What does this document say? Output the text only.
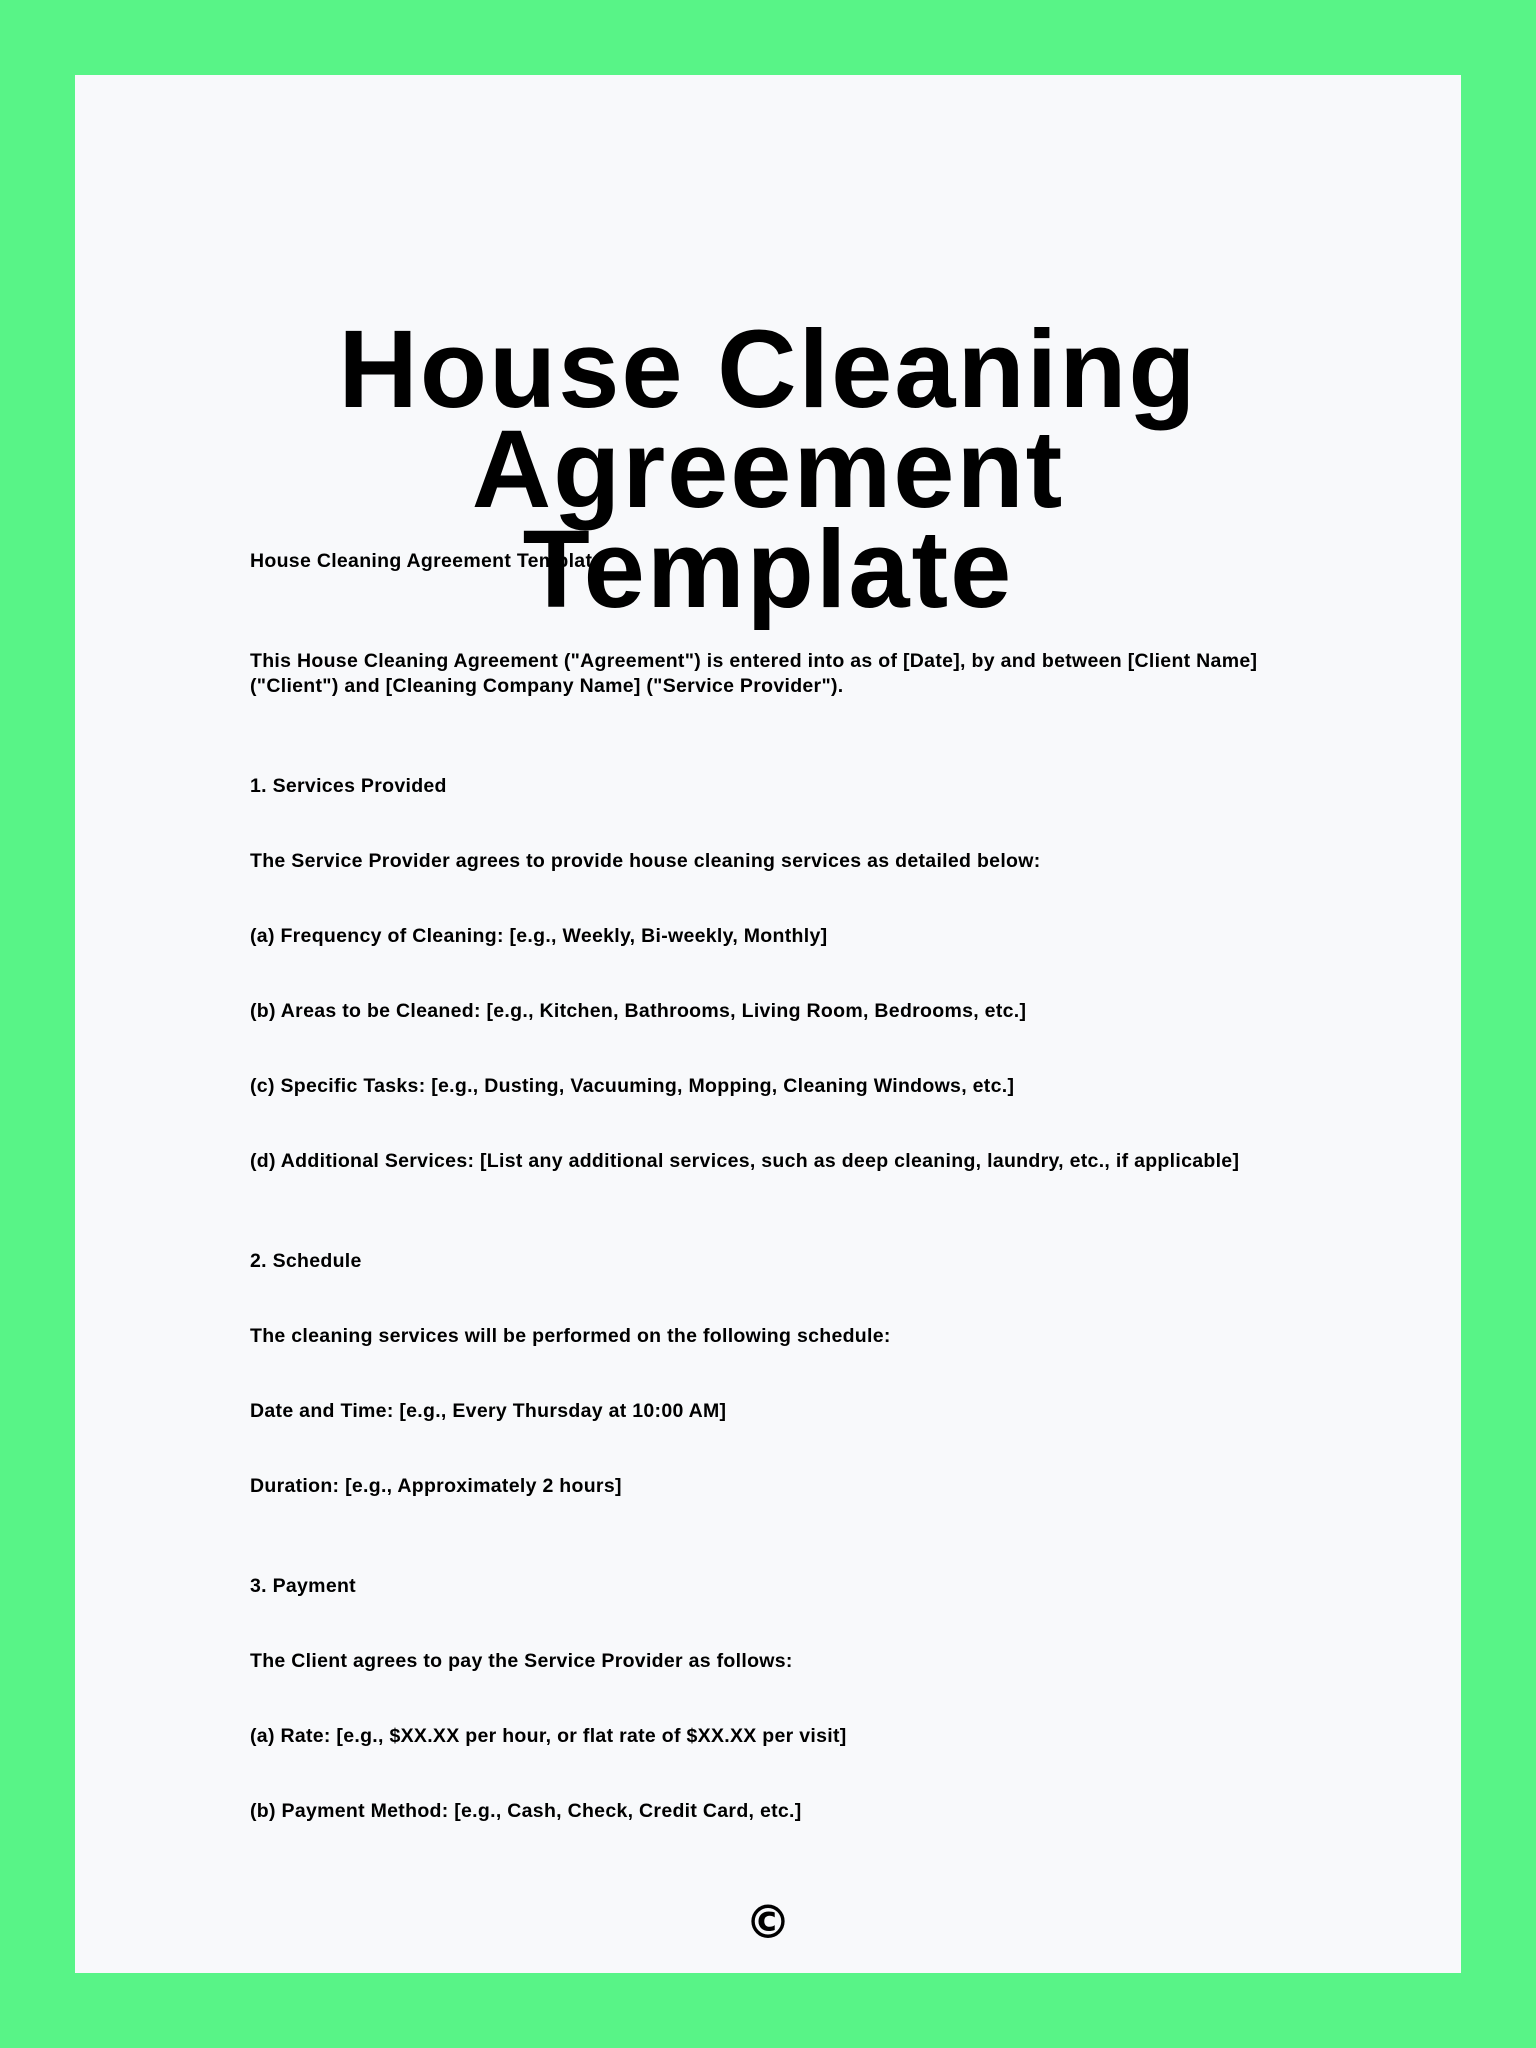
House Cleaning Agreement
Template

House Cleaning Agreement Template

This House Cleaning Agreement ("Agreement") is entered into as of [Date], by and between [Client Name]

("Client") and [Cleaning Company Name] ("Service Provider").

1. Services Provided

The Service Provider agrees to provide house cleaning services as detailed below:

(a) Frequency of Cleaning: [e.g., Weekly, Bi-weekly, Monthly]

(b) Areas to be Cleaned: [e.g., Kitchen, Bathrooms, Living Room, Bedrooms, etc.]

(c) Specific Tasks: [e.g., Dusting, Vacuuming, Mopping, Cleaning Windows, etc.]

(d) Additional Services: [List any additional services, such as deep cleaning, laundry, etc., if applicable]

2. Schedule

The cleaning services will be performed on the following schedule:

Date and Time: [e.g., Every Thursday at 10:00 AM]

Duration: [e.g., Approximately 2 hours]

3. Payment

The Client agrees to pay the Service Provider as follows:

(a) Rate: [e.g., $XX.XX per hour, or flat rate of $XX.XX per visit]

(b) Payment Method: [e.g., Cash, Check, Credit Card, etc.]

©
